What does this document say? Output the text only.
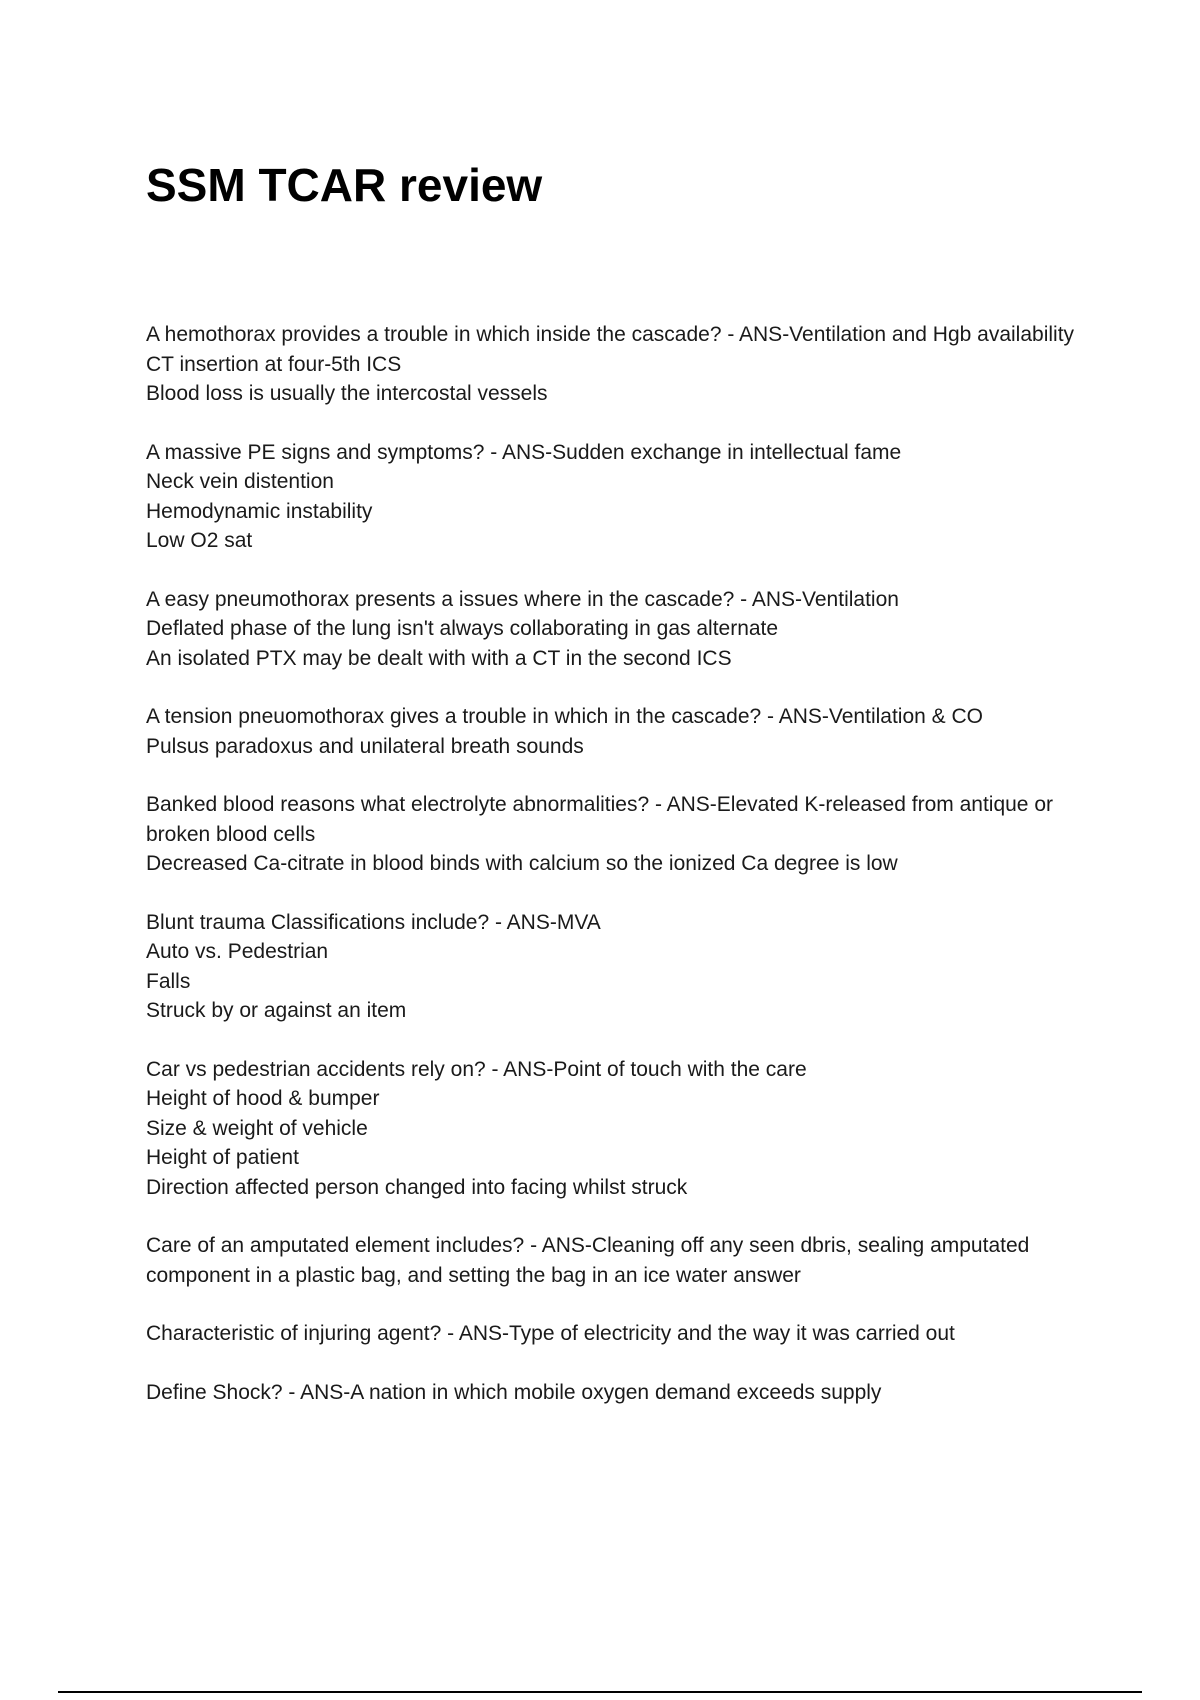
SSM TCAR review
A hemothorax provides a trouble in which inside the cascade? - ANS-Ventilation and Hgb availability
CT insertion at four-5th ICS
Blood loss is usually the intercostal vessels
A massive PE signs and symptoms? - ANS-Sudden exchange in intellectual fame
Neck vein distention
Hemodynamic instability
Low O2 sat
A easy pneumothorax presents a issues where in the cascade? - ANS-Ventilation
Deflated phase of the lung isn't always collaborating in gas alternate
An isolated PTX may be dealt with with a CT in the second ICS
A tension pneuomothorax gives a trouble in which in the cascade? - ANS-Ventilation & CO
Pulsus paradoxus and unilateral breath sounds
Banked blood reasons what electrolyte abnormalities? - ANS-Elevated K-released from antique or broken blood cells
Decreased Ca-citrate in blood binds with calcium so the ionized Ca degree is low
Blunt trauma Classifications include? - ANS-MVA
Auto vs. Pedestrian
Falls
Struck by or against an item
Car vs pedestrian accidents rely on? - ANS-Point of touch with the care
Height of hood & bumper
Size & weight of vehicle
Height of patient
Direction affected person changed into facing whilst struck
Care of an amputated element includes? - ANS-Cleaning off any seen dbris, sealing amputated component in a plastic bag, and setting the bag in an ice water answer
Characteristic of injuring agent? - ANS-Type of electricity and the way it was carried out
Define Shock? - ANS-A nation in which mobile oxygen demand exceeds supply
